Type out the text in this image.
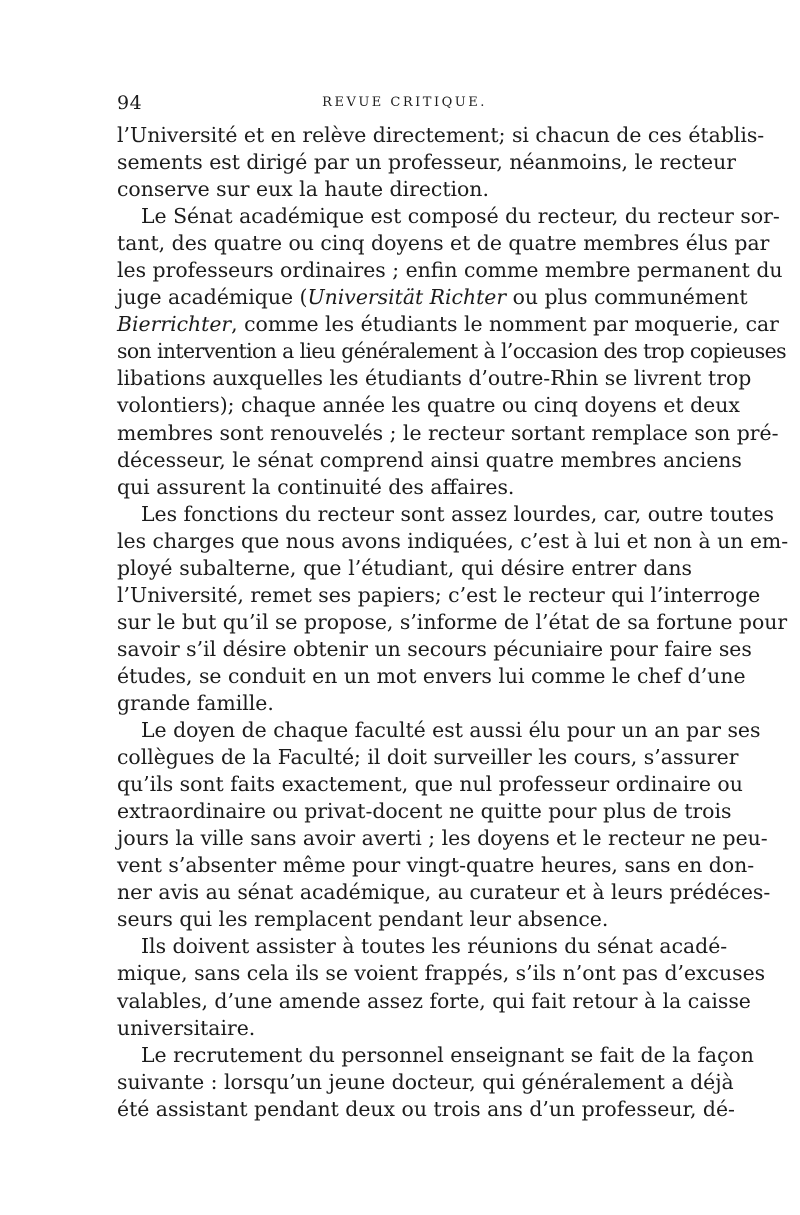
94	REVUE CRITIQUE.

l’Université et en relève directement; si chacun de ces établis-
sements est dirigé par un professeur, néanmoins, le recteur
conserve sur eux la haute direction.

Le Sénat académique est composé du recteur, du recteur sor-
tant, des quatre ou cinq doyens et de quatre membres élus par
les professeurs ordinaires ; enfin comme membre permanent du
juge académique (Universität Richter ou plus communément
Bierrichter, comme les étudiants le nomment par moquerie, car
son intervention a lieu généralement à l’occasion des trop copieuses
libations auxquelles les étudiants d’outre-Rhin se livrent trop
volontiers); chaque année les quatre ou cinq doyens et deux
membres sont renouvelés ; le recteur sortant remplace son pré-
décesseur, le sénat comprend ainsi quatre membres anciens
qui assurent la continuité des affaires.

Les fonctions du recteur sont assez lourdes, car, outre toutes
les charges que nous avons indiquées, c’est à lui et non à un em-
ployé subalterne, que l’étudiant, qui désire entrer dans
l’Université, remet ses papiers; c’est le recteur qui l’interroge
sur le but qu’il se propose, s’informe de l’état de sa fortune pour
savoir s’il désire obtenir un secours pécuniaire pour faire ses
études, se conduit en un mot envers lui comme le chef d’une
grande famille.

Le doyen de chaque faculté est aussi élu pour un an par ses
collègues de la Faculté; il doit surveiller les cours, s’assurer
qu’ils sont faits exactement, que nul professeur ordinaire ou
extraordinaire ou privat-docent ne quitte pour plus de trois
jours la ville sans avoir averti ; les doyens et le recteur ne peu-
vent s’absenter même pour vingt-quatre heures, sans en don-
ner avis au sénat académique, au curateur et à leurs prédéces-
seurs qui les remplacent pendant leur absence.

Ils doivent assister à toutes les réunions du sénat acadé-
mique, sans cela ils se voient frappés, s’ils n’ont pas d’excuses
valables, d’une amende assez forte, qui fait retour à la caisse
universitaire.

Le recrutement du personnel enseignant se fait de la façon
suivante : lorsqu’un jeune docteur, qui généralement a déjà
été assistant pendant deux ou trois ans d’un professeur, dé-
